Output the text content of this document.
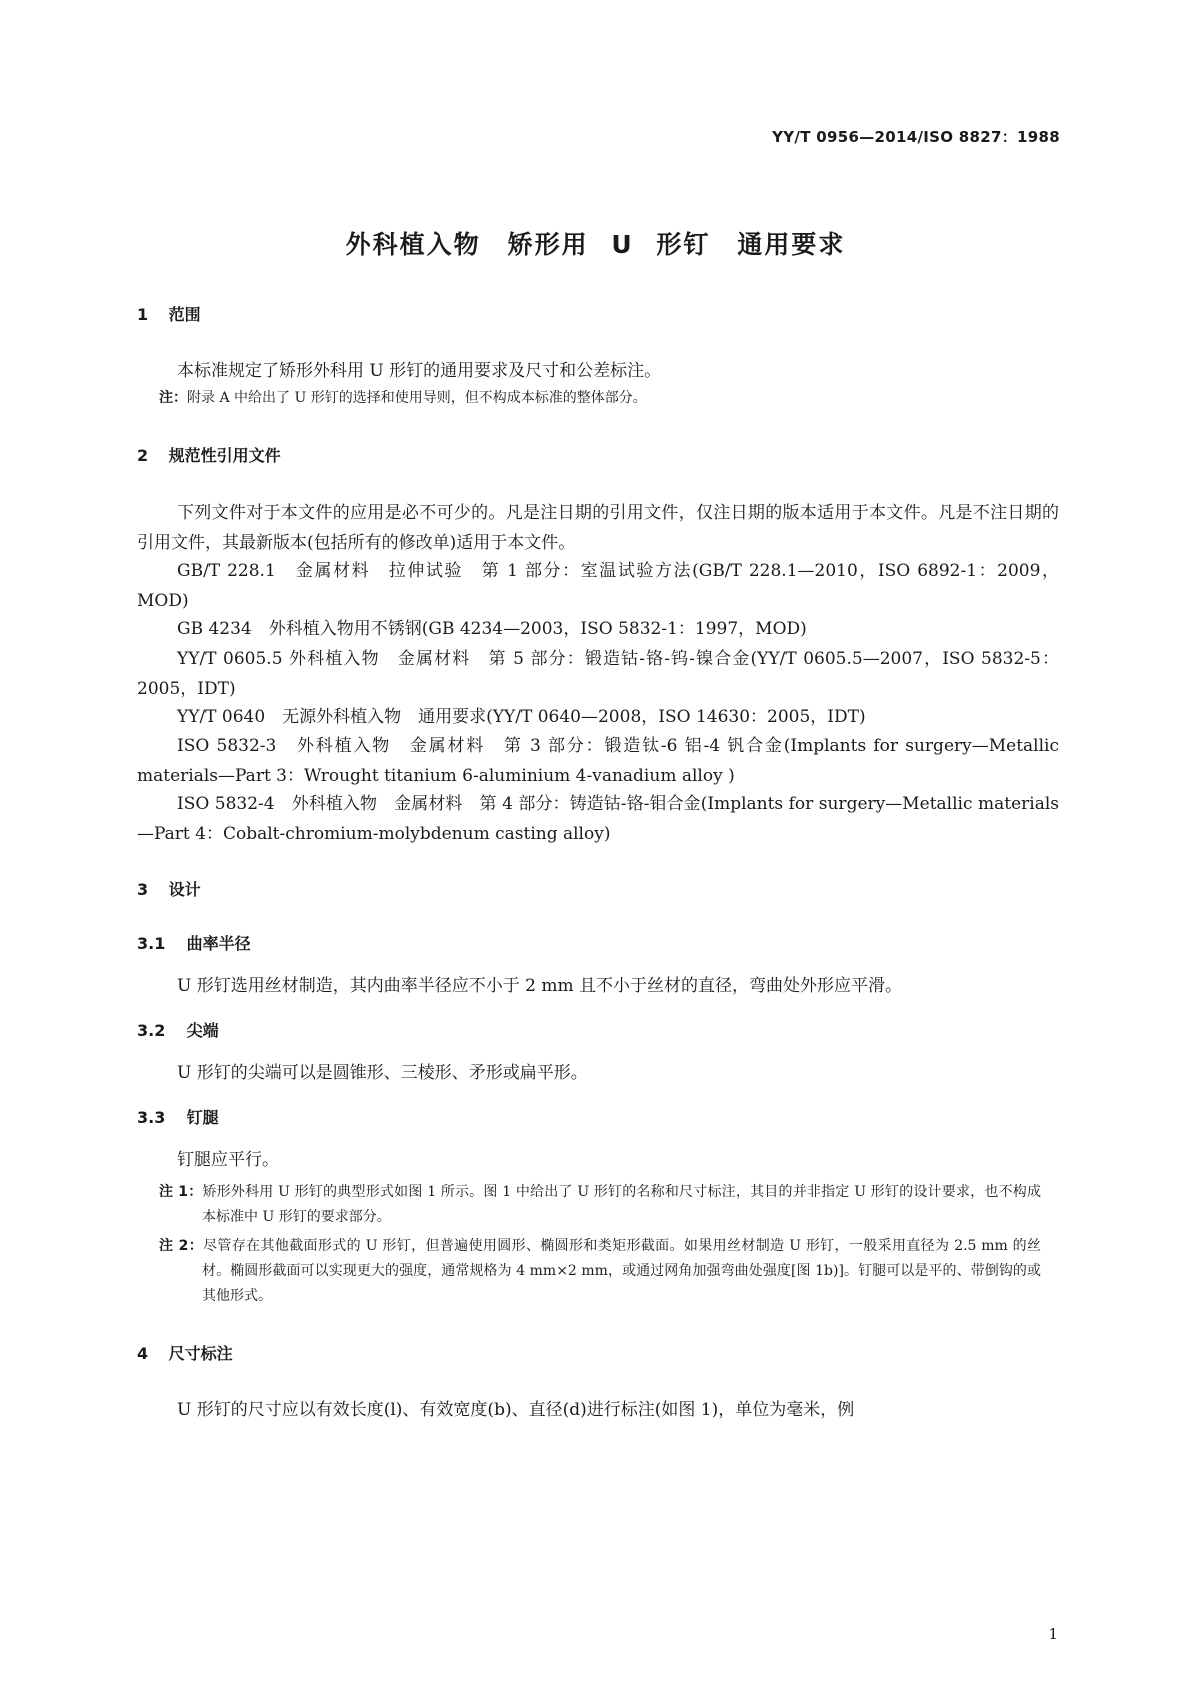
YY/T 0956—2014/ISO 8827：1988
外科植入物　矫形用 U 形钉　通用要求
1 范围

本标准规定了矫形外科用 U 形钉的通用要求及尺寸和公差标注。

注：附录 A 中给出了 U 形钉的选择和使用导则，但不构成本标准的整体部分。
2 规范性引用文件

下列文件对于本文件的应用是必不可少的。凡是注日期的引用文件，仅注日期的版本适用于本文件。凡是不注日期的引用文件，其最新版本(包括所有的修改单)适用于本文件。

GB/T 228.1　金属材料　拉伸试验　第 1 部分：室温试验方法(GB/T 228.1—2010，ISO 6892-1：2009，MOD)
GB 4234　外科植入物用不锈钢(GB 4234—2003，ISO 5832-1：1997，MOD)
YY/T 0605.5 外科植入物　金属材料　第 5 部分：锻造钴-铬-钨-镍合金(YY/T 0605.5—2007，ISO 5832-5：2005，IDT)
YY/T 0640　无源外科植入物　通用要求(YY/T 0640—2008，ISO 14630：2005，IDT)
ISO 5832-3　外科植入物　金属材料　第 3 部分：锻造钛-6 铝-4 钒合金(Implants for surgery—Metallic materials—Part 3：Wrought titanium 6-aluminium 4-vanadium alloy )
ISO 5832-4　外科植入物　金属材料　第 4 部分：铸造钴-铬-钼合金(Implants for surgery—Metallic materials—Part 4：Cobalt-chromium-molybdenum casting alloy)
3 设计
3.1 曲率半径

U 形钉选用丝材制造，其内曲率半径应不小于 2 mm 且不小于丝材的直径，弯曲处外形应平滑。

3.2 尖端

U 形钉的尖端可以是圆锥形、三棱形、矛形或扁平形。

3.3 钉腿

钉腿应平行。

注 1：矫形外科用 U 形钉的典型形式如图 1 所示。图 1 中给出了 U 形钉的名称和尺寸标注，其目的并非指定 U 形钉的设计要求，也不构成本标准中 U 形钉的要求部分。
注 2：尽管存在其他截面形式的 U 形钉，但普遍使用圆形、椭圆形和类矩形截面。如果用丝材制造 U 形钉，一般采用直径为 2.5 mm 的丝材。椭圆形截面可以实现更大的强度，通常规格为 4 mm×2 mm，或通过网角加强弯曲处强度[图 1b)]。钉腿可以是平的、带倒钩的或其他形式。
4 尺寸标注

U 形钉的尺寸应以有效长度(l)、有效宽度(b)、直径(d)进行标注(如图 1)，单位为毫米，例

1
